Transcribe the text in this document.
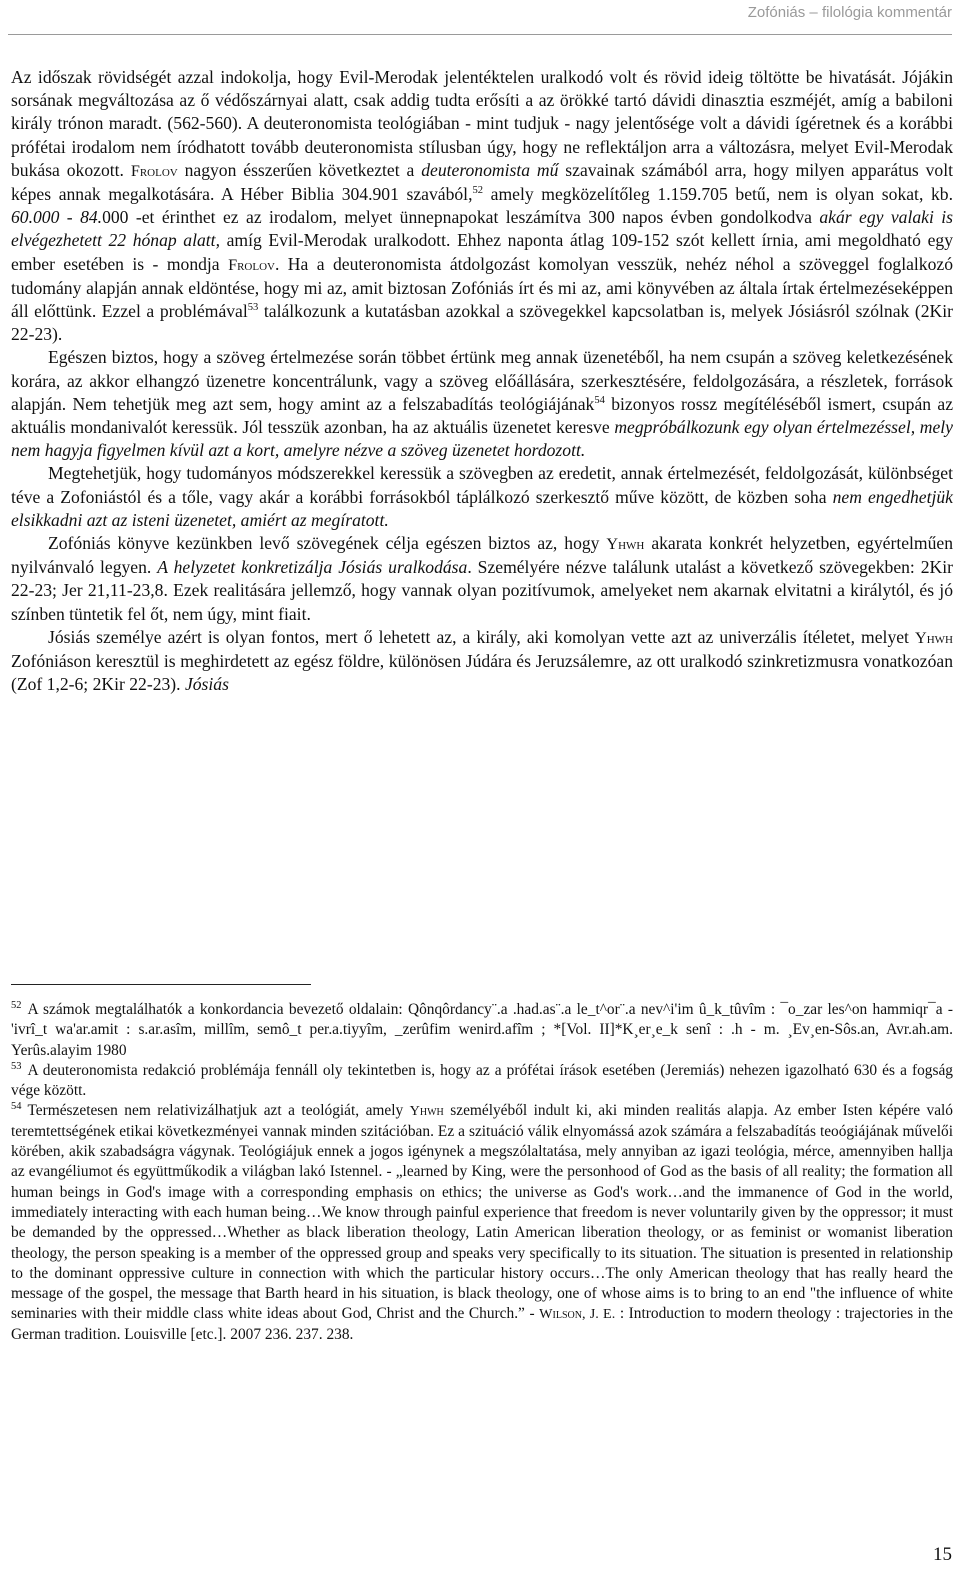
Zofóniás – filológia kommentár

Az időszak rövidségét azzal indokolja, hogy Evil-Merodak jelentéktelen uralkodó volt és rövid ideig töltötte be hivatását. Jójákin sorsának megváltozása az ő védőszárnyai alatt, csak addig tudta erősíti a az örökké tartó dávidi dinasztia eszméjét, amíg a babiloni király trónon maradt. (562-560). A deuteronomista teológiában - mint tudjuk - nagy jelentősége volt a dávidi ígéretnek és a korábbi prófétai irodalom nem íródhatott tovább deuteronomista stílusban úgy, hogy ne reflektáljon arra a változásra, melyet Evil-Merodak bukása okozott. Frolov nagyon ésszerűen következtet a deuteronomista mű szavainak számából arra, hogy milyen apparátus volt képes annak megalkotására. A Héber Biblia 304.901 szavából,$^{52}$ amely megközelítőleg 1.159.705 betű, nem is olyan sokat, kb. 60.000 - 84.000 -et érinthet ez az irodalom, melyet ünnepnapokat leszámítva 300 napos évben gondolkodva akár egy valaki is elvégezhetett 22 hónap alatt, amíg Evil-Merodak uralkodott. Ehhez naponta átlag 109-152 szót kellett írnia, ami megoldható egy ember esetében is - mondja Frolov. Ha a deuteronomista átdolgozást komolyan vesszük, nehéz néhol a szöveggel foglalkozó tudomány alapján annak eldöntése, hogy mi az, amit biztosan Zofóniás írt és mi az, ami könyvében az általa írtak értelmezéseképpen áll előttünk. Ezzel a problémával$^{53}$ találkozunk a kutatásban azokkal a szövegekkel kapcsolatban is, melyek Jósiásról szólnak (2Kir 22-23).

Egészen biztos, hogy a szöveg értelmezése során többet értünk meg annak üzenetéből, ha nem csupán a szöveg keletkezésének korára, az akkor elhangzó üzenetre koncentrálunk, vagy a szöveg előállására, szerkesztésére, feldolgozására, a részletek, források alapján. Nem tehetjük meg azt sem, hogy amint az a felszabadítás teológiájának$^{54}$ bizonyos rossz megítéléséből ismert, csupán az aktuális mondanivalót keressük. Jól tesszük azonban, ha az aktuális üzenetet keresve megpróbálkozunk egy olyan értelmezéssel, mely nem hagyja figyelmen kívül azt a kort, amelyre nézve a szöveg üzenetet hordozott.

Megtehetjük, hogy tudományos módszerekkel keressük a szövegben az eredetit, annak értelmezését, feldolgozását, különbséget téve a Zofoniástól és a tőle, vagy akár a korábbi forrásokból táplálkozó szerkesztő műve között, de közben soha nem engedhetjük elsikkadni azt az isteni üzenetet, amiért az megíratott.

Zofóniás könyve kezünkben levő szövegének célja egészen biztos az, hogy Yhwh akarata konkrét helyzetben, egyértelműen nyilvánvaló legyen. A helyzetet konkretizálja Jósiás uralkodása. Személyére nézve találunk utalást a következő szövegekben: 2Kir 22-23; Jer 21,11-23,8. Ezek realitására jellemző, hogy vannak olyan pozitívumok, amelyeket nem akarnak elvitatni a királytól, és jó színben tüntetik fel őt, nem úgy, mint fiait.

Jósiás személye azért is olyan fontos, mert ő lehetett az, a király, aki komolyan vette azt az univerzális ítéletet, melyet Yhwh Zofóniáson keresztül is meghirdetett az egész földre, különösen Júdára és Jeruzsálemre, az ott uralkodó szinkretizmusra vonatkozóan (Zof 1,2-6; 2Kir 22-23). Jósiás

$^{52}$ A számok megtalálhatók a konkordancia bevezető oldalain: Qônqôrdancy¨.a .had.as¨.a le_t^or¨.a nev^i'im û_k_tûvîm : ¯o_zar les^on hammiqr¯a - 'ivrî_t wa'ar.amit : s.ar.asîm, millîm, semô_t per.a.tiyyîm, _zerûfim wenird.afîm ; *[Vol. II]*K¸er¸e_k senî : .h - m. ¸Ev¸en-Sôs.an, Avr.ah.am. Yerûs.alayim 1980

$^{53}$ A deuteronomista redakció problémája fennáll oly tekintetben is, hogy az a prófétai írások esetében (Jeremiás) nehezen igazolható 630 és a fogság vége között.

$^{54}$ Természetesen nem relativizálhatjuk azt a teológiát, amely Yhwh személyéből indult ki, aki minden realitás alapja. Az ember Isten képére való teremtettségének etikai következményei vannak minden szitációban. Ez a szituáció válik elnyomássá azok számára a felszabadítás teoógiájának művelői körében, akik szabadságra vágynak. Teológiájuk ennek a jogos igénynek a megszólaltatása, mely annyiban az igazi teológia, mérce, amennyiben hallja az evangéliumot és együttműkodik a világban lakó Istennel. - „learned by King, were the personhood of God as the basis of all reality; the formation all human beings in God's image with a corresponding emphasis on ethics; the universe as God's work…and the immanence of God in the world, immediately interacting with each human being…We know through painful experience that freedom is never voluntarily given by the oppressor; it must be demanded by the oppressed…Whether as black liberation theology, Latin American liberation theology, or as feminist or womanist liberation theology, the person speaking is a member of the oppressed group and speaks very specifically to its situation. The situation is presented in relationship to the dominant oppressive culture in connection with which the particular history occurs…The only American theology that has really heard the message of the gospel, the message that Barth heard in his situation, is black theology, one of whose aims is to bring to an end "the influence of white seminaries with their middle class white ideas about God, Christ and the Church.” - Wilson, J. E. : Introduction to modern theology : trajectories in the German tradition. Louisville [etc.]. 2007 236. 237. 238.

15
